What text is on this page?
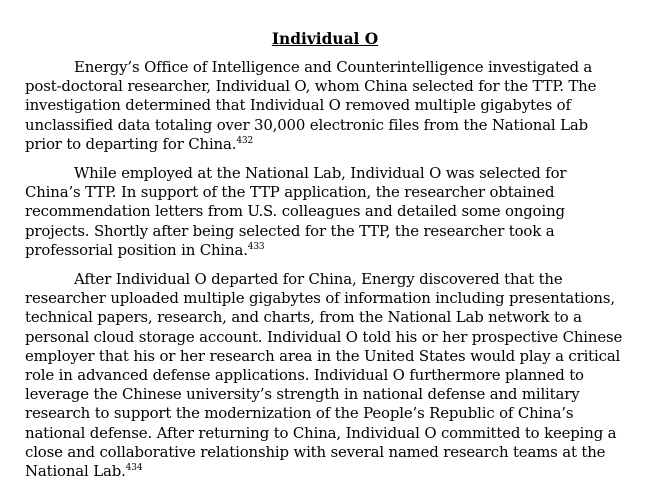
Individual O

Energy’s Office of Intelligence and Counterintelligence investigated a post-doctoral researcher, Individual O, whom China selected for the TTP. The investigation determined that Individual O removed multiple gigabytes of unclassified data totaling over 30,000 electronic files from the National Lab prior to departing for China.$^{432}$

While employed at the National Lab, Individual O was selected for China’s TTP. In support of the TTP application, the researcher obtained recommendation letters from U.S. colleagues and detailed some ongoing projects. Shortly after being selected for the TTP, the researcher took a professorial position in China.$^{433}$

After Individual O departed for China, Energy discovered that the researcher uploaded multiple gigabytes of information including presentations, technical papers, research, and charts, from the National Lab network to a personal cloud storage account. Individual O told his or her prospective Chinese employer that his or her research area in the United States would play a critical role in advanced defense applications. Individual O furthermore planned to leverage the Chinese university’s strength in national defense and military research to support the modernization of the People’s Republic of China’s national defense. After returning to China, Individual O committed to keeping a close and collaborative relationship with several named research teams at the National Lab.$^{434}$
